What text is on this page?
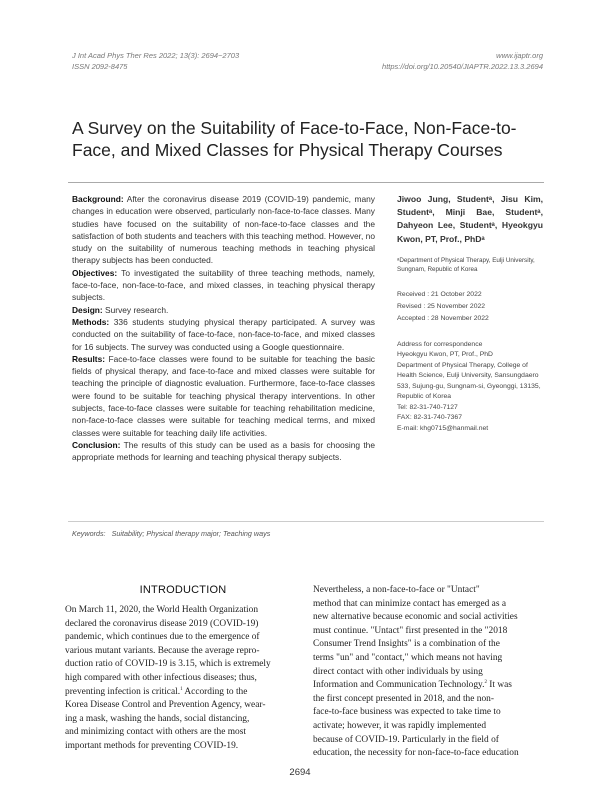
J Int Acad Phys Ther Res 2022; 13(3): 2694~2703
ISSN 2092-8475
www.ijaptr.org
https://doi.org/10.20540/JIAPTR.2022.13.3.2694
A Survey on the Suitability of Face-to-Face, Non-Face-to-Face, and Mixed Classes for Physical Therapy Courses

Background: After the coronavirus disease 2019 (COVID-19) pandemic, many changes in education were observed, particularly non-face-to-face classes. Many studies have focused on the suitability of non-face-to-face classes and the satisfaction of both students and teachers with this teaching method. However, no study on the suitability of numerous teaching methods in teaching physical therapy subjects has been conducted.

Objectives: To investigated the suitability of three teaching methods, namely, face-to-face, non-face-to-face, and mixed classes, in teaching physical therapy subjects.

Design: Survey research.

Methods: 336 students studying physical therapy participated. A survey was conducted on the suitability of face-to-face, non-face-to-face, and mixed classes for 16 subjects. The survey was conducted using a Google questionnaire.

Results: Face-to-face classes were found to be suitable for teaching the basic fields of physical therapy, and face-to-face and mixed classes were suitable for teaching the principle of diagnostic evaluation. Furthermore, face-to-face classes were found to be suitable for teaching physical therapy interventions. In other subjects, face-to-face classes were suitable for teaching rehabilitation medicine, non-face-to-face classes were suitable for teaching medical terms, and mixed classes were suitable for teaching daily life activities.

Conclusion: The results of this study can be used as a basis for choosing the appropriate methods for learning and teaching physical therapy subjects.

Jiwoo Jung, Studentᵃ, Jisu Kim, Studentᵃ, Minji Bae, Studentᵃ, Dahyeon Lee, Studentᵃ, Hyeokgyu Kwon, PT, Prof., PhDᵃ
ᵃDepartment of Physical Therapy, Eulji University, Sungnam, Republic of Korea
Received : 21 October 2022
Revised : 25 November 2022
Accepted : 28 November 2022
Address for correspondence
Hyeokgyu Kwon, PT, Prof., PhD
Department of Physical Therapy, College of Health Science, Eulji University, Sansungdaero 533, Sujung-gu, Sungnam-si, Gyeonggi, 13135, Republic of Korea
Tel: 82-31-740-7127
FAX: 82-31-740-7367
E-mail: khg0715@hanmail.net
Keywords: Suitability; Physical therapy major; Teaching ways
INTRODUCTION
On March 11, 2020, the World Health Organization
declared the coronavirus disease 2019 (COVID-19)
pandemic, which continues due to the emergence of
various mutant variants. Because the average repro-
duction ratio of COVID-19 is 3.15, which is extremely
high compared with other infectious diseases; thus,
preventing infection is critical.$^1$ According to the
Korea Disease Control and Prevention Agency, wear-
ing a mask, washing the hands, social distancing,
and minimizing contact with others are the most
important methods for preventing COVID-19.
Nevertheless, a non-face-to-face or "Untact"
method that can minimize contact has emerged as a
new alternative because economic and social activities
must continue. "Untact" first presented in the "2018
Consumer Trend Insights" is a combination of the
terms "un" and "contact," which means not having
direct contact with other individuals by using
Information and Communication Technology.$^2$ It was
the first concept presented in 2018, and the non-
face-to-face business was expected to take time to
activate; however, it was rapidly implemented
because of COVID-19. Particularly in the field of
education, the necessity for non-face-to-face education
2694
